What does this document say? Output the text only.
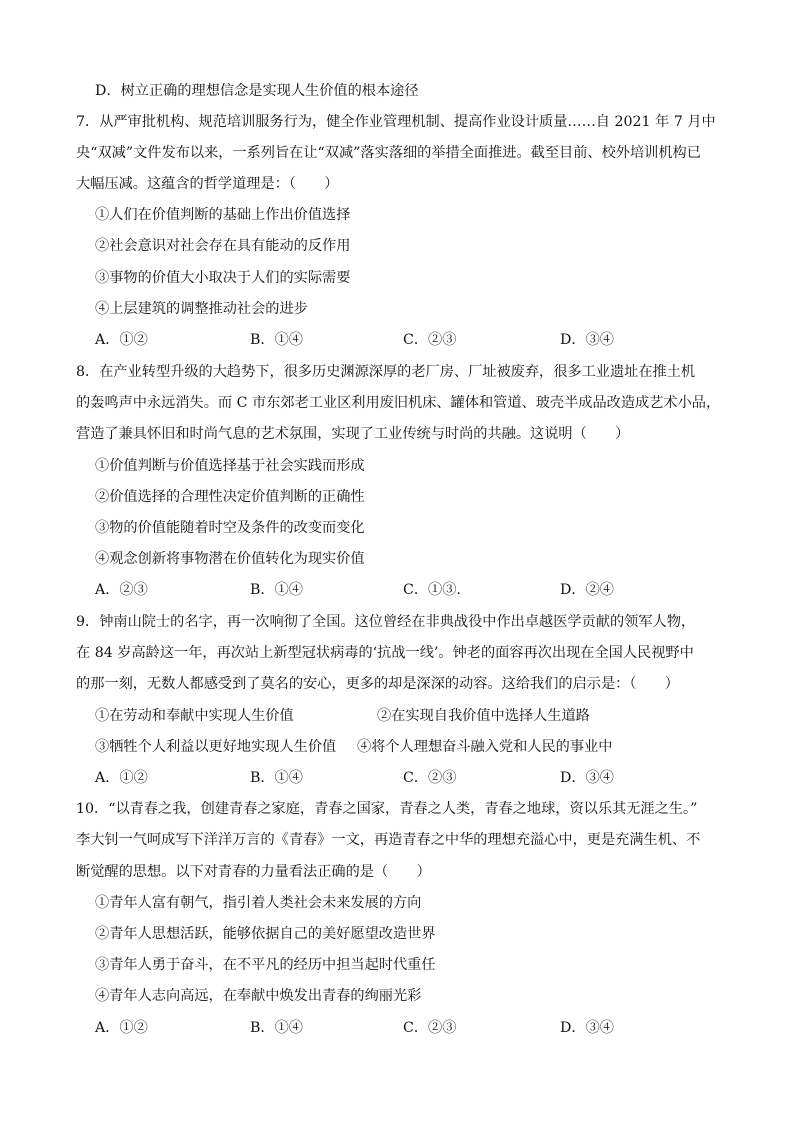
D．树立正确的理想信念是实现人生价值的根本途径
7．从严审批机构、规范培训服务行为，健全作业管理机制、提高作业设计质量……自 2021 年 7 月中
央“双减”文件发布以来，一系列旨在让“双减”落实落细的举措全面推进。截至目前、校外培训机构已
大幅压减。这蕴含的哲学道理是：（　　）
①人们在价值判断的基础上作出价值选择
②社会意识对社会存在具有能动的反作用
③事物的价值大小取决于人们的实际需要
④上层建筑的调整推动社会的进步
A．①②	B．①④	C．②③	D．③④
8．在产业转型升级的大趋势下，很多历史渊源深厚的老厂房、厂址被废弃，很多工业遗址在推土机
的轰鸣声中永远消失。而 C 市东郊老工业区利用废旧机床、罐体和管道、玻壳半成品改造成艺术小品，
营造了兼具怀旧和时尚气息的艺术氛围，实现了工业传统与时尚的共融。这说明（　　）
①价值判断与价值选择基于社会实践而形成
②价值选择的合理性决定价值判断的正确性
③物的价值能随着时空及条件的改变而变化
④观念创新将事物潜在价值转化为现实价值
A．②③	B．①④	C．①③.	D．②④
9．钟南山院士的名字，再一次响彻了全国。这位曾经在非典战役中作出卓越医学贡献的领军人物，
在 84 岁高龄这一年，再次站上新型冠状病毒的‘抗战一线’。钟老的面容再次出现在全国人民视野中
的那一刻，无数人都感受到了莫名的安心，更多的却是深深的动容。这给我们的启示是：（　　）
①在劳动和奉献中实现人生价值	②在实现自我价值中选择人生道路
③牺牲个人利益以更好地实现人生价值 ④将个人理想奋斗融入党和人民的事业中
A．①②	B．①④	C．②③	D．③④
10．“以青春之我，创建青春之家庭，青春之国家，青春之人类，青春之地球，资以乐其无涯之生。”
李大钊一气呵成写下洋洋万言的《青春》一文，再造青春之中华的理想充溢心中，更是充满生机、不
断觉醒的思想。以下对青春的力量看法正确的是（　　）
①青年人富有朝气，指引着人类社会未来发展的方向
②青年人思想活跃，能够依据自己的美好愿望改造世界
③青年人勇于奋斗，在不平凡的经历中担当起时代重任
④青年人志向高远，在奉献中焕发出青春的绚丽光彩
A．①②	B．①④	C．②③	D．③④
